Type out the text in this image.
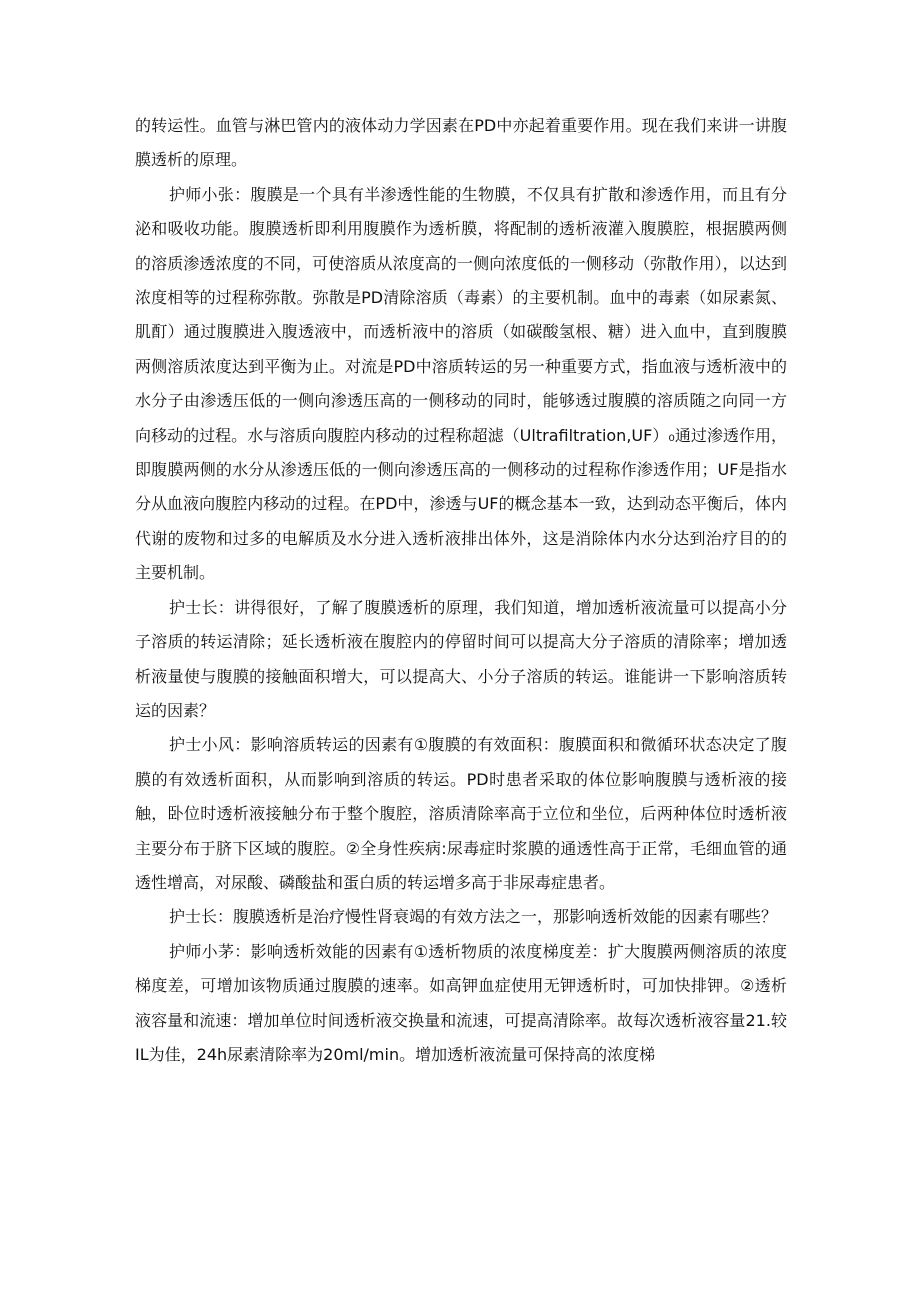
的转运性。血管与淋巴管内的液体动力学因素在PD中亦起着重要作用。现在我们来讲一讲腹膜透析的原理。

护师小张：腹膜是一个具有半渗透性能的生物膜，不仅具有扩散和渗透作用，而且有分泌和吸收功能。腹膜透析即利用腹膜作为透析膜，将配制的透析液灌入腹膜腔，根据膜两侧的溶质渗透浓度的不同，可使溶质从浓度高的一侧向浓度低的一侧移动（弥散作用），以达到浓度相等的过程称弥散。弥散是PD清除溶质（毒素）的主要机制。血中的毒素（如尿素氮、肌酊）通过腹膜进入腹透液中，而透析液中的溶质（如碳酸氢根、糖）进入血中，直到腹膜两侧溶质浓度达到平衡为止。对流是PD中溶质转运的另一种重要方式，指血液与透析液中的水分子由渗透压低的一侧向渗透压高的一侧移动的同时，能够透过腹膜的溶质随之向同一方向移动的过程。水与溶质向腹腔内移动的过程称超滤（Ultrafiltration,UF）₀通过渗透作用，即腹膜两侧的水分从渗透压低的一侧向渗透压高的一侧移动的过程称作渗透作用；UF是指水分从血液向腹腔内移动的过程。在PD中，渗透与UF的概念基本一致，达到动态平衡后，体内代谢的废物和过多的电解质及水分进入透析液排出体外，这是消除体内水分达到治疗目的的主要机制。

护士长：讲得很好，了解了腹膜透析的原理，我们知道，增加透析液流量可以提高小分子溶质的转运清除；延长透析液在腹腔内的停留时间可以提高大分子溶质的清除率；增加透析液量使与腹膜的接触面积增大，可以提高大、小分子溶质的转运。谁能讲一下影响溶质转运的因素？

护士小风：影响溶质转运的因素有①腹膜的有效面积：腹膜面积和微循环状态决定了腹膜的有效透析面积，从而影响到溶质的转运。PD时患者采取的体位影响腹膜与透析液的接触，卧位时透析液接触分布于整个腹腔，溶质清除率高于立位和坐位，后两种体位时透析液主要分布于脐下区域的腹腔。②全身性疾病:尿毒症时浆膜的通透性高于正常，毛细血管的通透性增高，对尿酸、磷酸盐和蛋白质的转运增多高于非尿毒症患者。

护士长：腹膜透析是治疗慢性肾衰竭的有效方法之一，那影响透析效能的因素有哪些？

护师小茅：影响透析效能的因素有①透析物质的浓度梯度差：扩大腹膜两侧溶质的浓度梯度差，可增加该物质通过腹膜的速率。如高钾血症使用无钾透析时，可加快排钾。②透析液容量和流速：增加单位时间透析液交换量和流速，可提高清除率。故每次透析液容量21.较IL为佳，24h尿素清除率为20ml/min。增加透析液流量可保持高的浓度梯
